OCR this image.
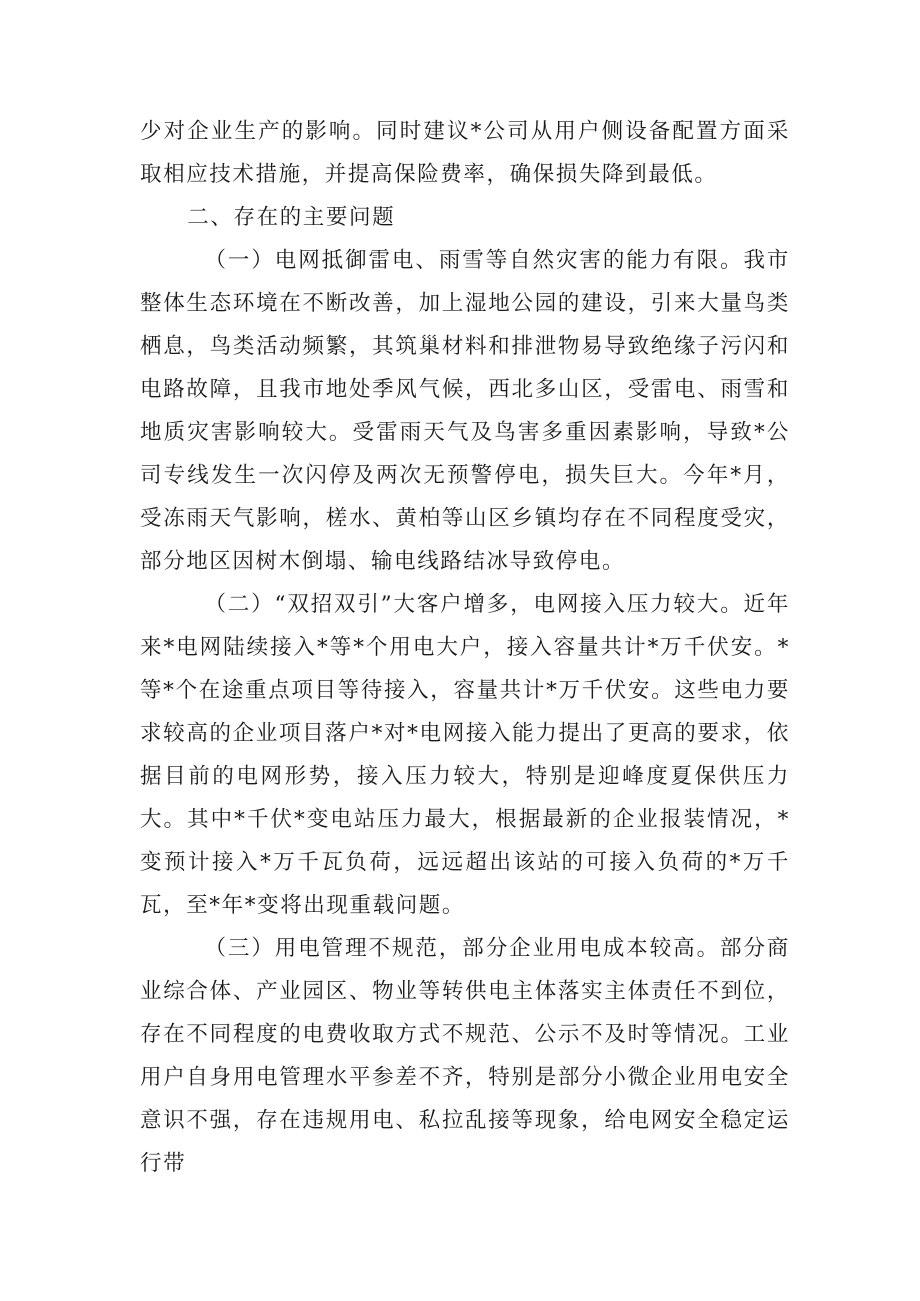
少对企业生产的影响。同时建议*公司从用户侧设备配置方面采取相应技术措施，并提高保险费率，确保损失降到最低。

二、存在的主要问题

（一）电网抵御雷电、雨雪等自然灾害的能力有限。我市整体生态环境在不断改善，加上湿地公园的建设，引来大量鸟类栖息，鸟类活动频繁，其筑巢材料和排泄物易导致绝缘子污闪和电路故障，且我市地处季风气候，西北多山区，受雷电、雨雪和地质灾害影响较大。受雷雨天气及鸟害多重因素影响，导致*公司专线发生一次闪停及两次无预警停电，损失巨大。今年*月，受冻雨天气影响，槎水、黄柏等山区乡镇均存在不同程度受灾，部分地区因树木倒塌、输电线路结冰导致停电。

（二）“双招双引”大客户增多，电网接入压力较大。近年来*电网陆续接入*等*个用电大户，接入容量共计*万千伏安。*等*个在途重点项目等待接入，容量共计*万千伏安。这些电力要求较高的企业项目落户*对*电网接入能力提出了更高的要求，依据目前的电网形势，接入压力较大，特别是迎峰度夏保供压力大。其中*千伏*变电站压力最大，根据最新的企业报装情况，*变预计接入*万千瓦负荷，远远超出该站的可接入负荷的*万千瓦，至*年*变将出现重载问题。

（三）用电管理不规范，部分企业用电成本较高。部分商业综合体、产业园区、物业等转供电主体落实主体责任不到位，存在不同程度的电费收取方式不规范、公示不及时等情况。工业用户自身用电管理水平参差不齐，特别是部分小微企业用电安全意识不强，存在违规用电、私拉乱接等现象，给电网安全稳定运行带
